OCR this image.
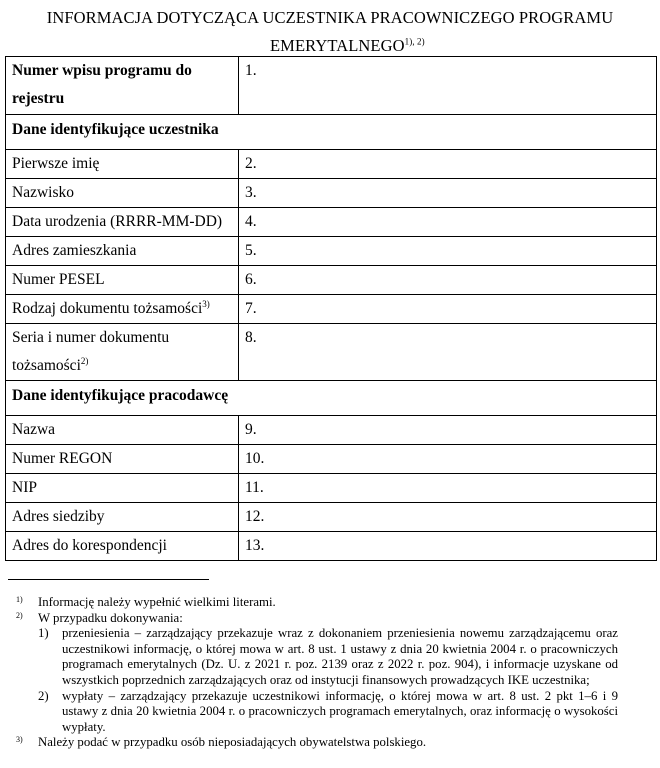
INFORMACJA DOTYCZĄCA UCZESTNIKA PRACOWNICZEGO PROGRAMU
$EMERYTALNEGO^{1), 2)}$
Numer wpisu programu do rejestru	1.
Dane identyfikujące uczestnika	
Pierwsze imię	2.
Nazwisko	3.
Data urodzenia (RRRR-MM-DD)	4.
Adres zamieszkania	5.
Numer PESEL	6.
Rodzaj dokumentu tożsamości$^{3)}$	7.
Seria i numer dokumentu tożsamości$^{2)}$	8.
Dane identyfikujące pracodawcę	
Nazwa	9.
Numer REGON	10.
NIP	11.
Adres siedziby	12.
Adres do korespondencji	13.
1) Informację należy wypełnić wielkimi literami.
2) W przypadku dokonywania:
1) przeniesienia – zarządzający przekazuje wraz z dokonaniem przeniesienia nowemu zarządzającemu oraz uczestnikowi informację, o której mowa w art. 8 ust. 1 ustawy z dnia 20 kwietnia 2004 r. o pracowniczych programach emerytalnych (Dz. U. z 2021 r. poz. 2139 oraz z 2022 r. poz. 904), i informacje uzyskane od wszystkich poprzednich zarządzających oraz od instytucji finansowych prowadzących IKE uczestnika;
2) wypłaty – zarządzający przekazuje uczestnikowi informację, o której mowa w art. 8 ust. 2 pkt 1–6 i 9 ustawy z dnia 20 kwietnia 2004 r. o pracowniczych programach emerytalnych, oraz informację o wysokości wypłaty.
3) Należy podać w przypadku osób nieposiadających obywatelstwa polskiego.
